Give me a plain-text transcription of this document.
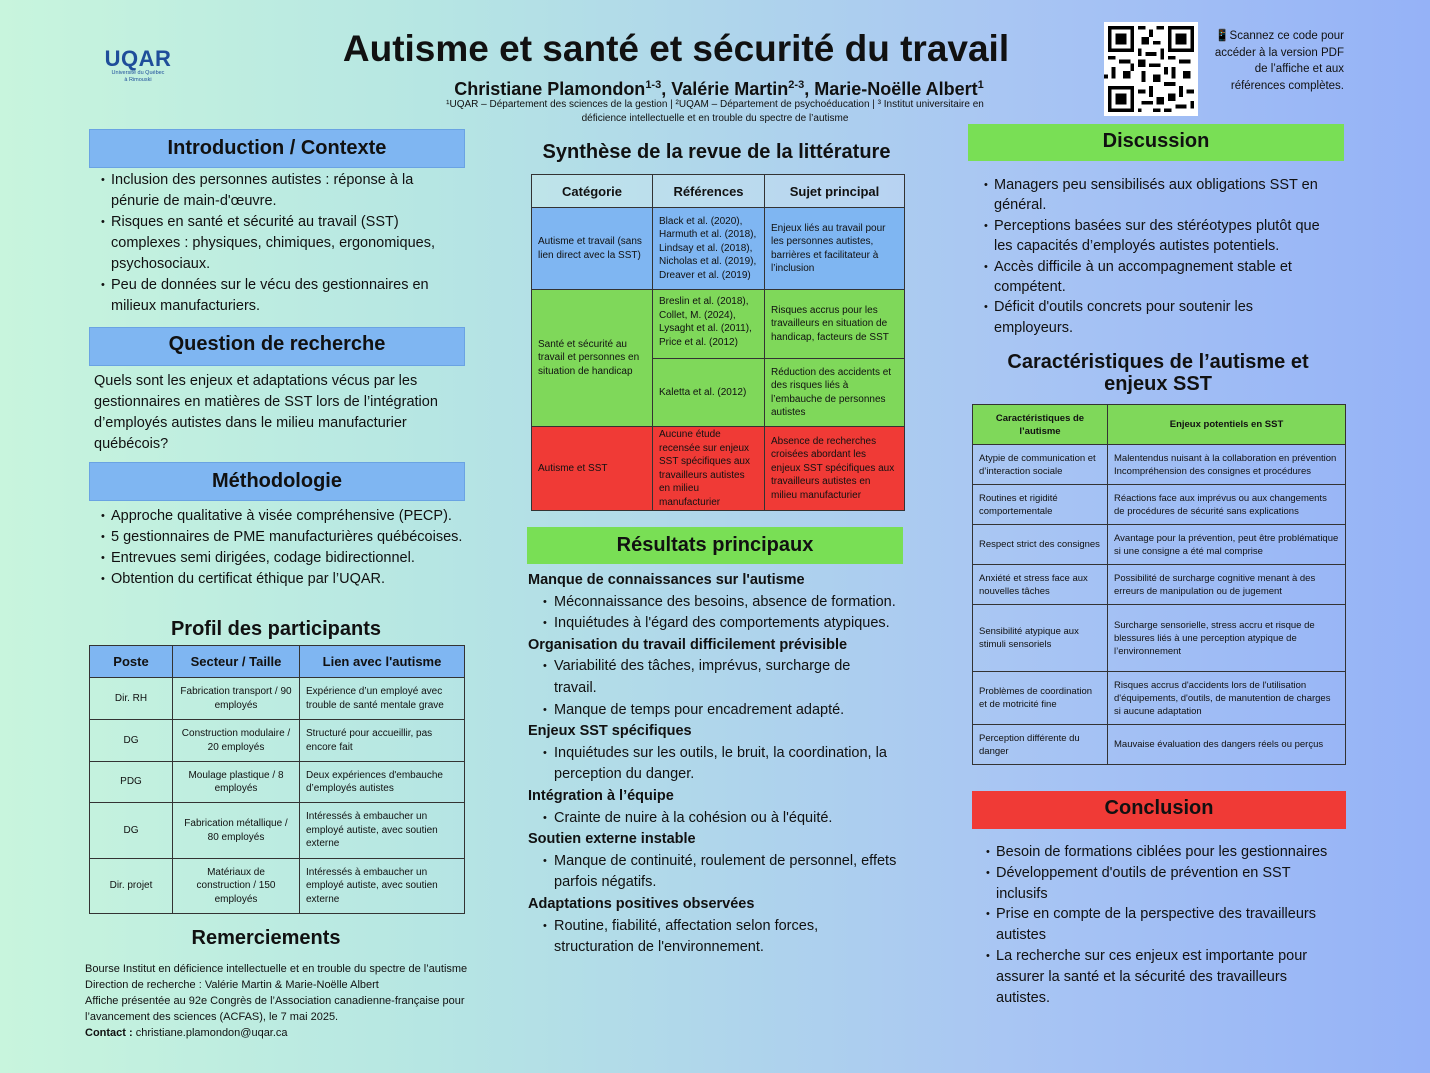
UQAR
Université du Québec
à Rimouski
Autisme et santé et sécurité du travail
Christiane Plamondon$^{1-3}$, Valérie Martin$^{2-3}$, Marie-Noëlle Albert$^1$
¹UQAR – Département des sciences de la gestion | ²UQAM – Département de psychoéducation | ³ Institut universitaire en déficience intellectuelle et en trouble du spectre de l’autisme
📱Scannez ce code pour accéder à la version PDF de l’affiche et aux références complètes.
Introduction / Contexte
• Inclusion des personnes autistes : réponse à la pénurie de main-d'œuvre.
• Risques en santé et sécurité au travail (SST) complexes : physiques, chimiques, ergonomiques, psychosociaux.
• Peu de données sur le vécu des gestionnaires en milieux manufacturiers.
Question de recherche
Quels sont les enjeux et adaptations vécus par les gestionnaires en matières de SST lors de l’intégration d’employés autistes dans le milieu manufacturier québécois?
Méthodologie
• Approche qualitative à visée compréhensive (PECP).
• 5 gestionnaires de PME manufacturières québécoises.
• Entrevues semi dirigées, codage bidirectionnel.
• Obtention du certificat éthique par l’UQAR.
Profil des participants
Poste	Secteur / Taille	Lien avec l'autisme
Dir. RH	Fabrication transport / 90 employés	Expérience d’un employé avec trouble de santé mentale grave
DG	Construction modulaire / 20 employés	Structuré pour accueillir, pas encore fait
PDG	Moulage plastique / 8 employés	Deux expériences d'embauche d’employés autistes
DG	Fabrication métallique / 80 employés	Intéressés à embaucher un employé autiste, avec soutien externe
Dir. projet	Matériaux de construction / 150 employés	Intéressés à embaucher un employé autiste, avec soutien externe
Remerciements
Bourse Institut en déficience intellectuelle et en trouble du spectre de l’autisme
Direction de recherche : Valérie Martin & Marie-Noëlle Albert
Affiche présentée au 92e Congrès de l’Association canadienne-française pour l’avancement des sciences (ACFAS), le 7 mai 2025.
Contact : christiane.plamondon@uqar.ca
Synthèse de la revue de la littérature
Catégorie	Références	Sujet principal
Autisme et travail (sans lien direct avec la SST)	Black et al. (2020), Harmuth et al. (2018), Lindsay et al. (2018), Nicholas et al. (2019), Dreaver et al. (2019)	Enjeux liés au travail pour les personnes autistes, barrières et facilitateur à l’inclusion
Santé et sécurité au travail et personnes en situation de handicap	Breslin et al. (2018), Collet, M. (2024), Lysaght et al. (2011), Price et al. (2012)	Risques accrus pour les travailleurs en situation de handicap, facteurs de SST
	Kaletta et al. (2012)	Réduction des accidents et des risques liés à l’embauche de personnes autistes
Autisme et SST	Aucune étude recensée sur enjeux SST spécifiques aux travailleurs autistes en milieu manufacturier	Absence de recherches croisées abordant les enjeux SST spécifiques aux travailleurs autistes en milieu manufacturier
Résultats principaux
Manque de connaissances sur l'autisme
• Méconnaissance des besoins, absence de formation.
• Inquiétudes à l'égard des comportements atypiques.
Organisation du travail difficilement prévisible
• Variabilité des tâches, imprévus, surcharge de travail.
• Manque de temps pour encadrement adapté.
Enjeux SST spécifiques
• Inquiétudes sur les outils, le bruit, la coordination, la perception du danger.
Intégration à l’équipe
• Crainte de nuire à la cohésion ou à l'équité.
Soutien externe instable
• Manque de continuité, roulement de personnel, effets parfois négatifs.
Adaptations positives observées
• Routine, fiabilité, affectation selon forces, structuration de l'environnement.
Discussion
• Managers peu sensibilisés aux obligations SST en général.
• Perceptions basées sur des stéréotypes plutôt que les capacités d’employés autistes potentiels.
• Accès difficile à un accompagnement stable et compétent.
• Déficit d'outils concrets pour soutenir les employeurs.
Caractéristiques de l’autisme et enjeux SST
Caractéristiques de l’autisme	Enjeux potentiels en SST
Atypie de communication et d’interaction sociale	Malentendus nuisant à la collaboration en prévention Incompréhension des consignes et procédures
Routines et rigidité comportementale	Réactions face aux imprévus ou aux changements de procédures de sécurité sans explications
Respect strict des consignes	Avantage pour la prévention, peut être problématique si une consigne a été mal comprise
Anxiété et stress face aux nouvelles tâches	Possibilité de surcharge cognitive menant à des erreurs de manipulation ou de jugement
Sensibilité atypique aux stimuli sensoriels	Surcharge sensorielle, stress accru et risque de blessures liés à une perception atypique de l’environnement
Problèmes de coordination et de motricité fine	Risques accrus d'accidents lors de l'utilisation d'équipements, d'outils, de manutention de charges si aucune adaptation
Perception différente du danger	Mauvaise évaluation des dangers réels ou perçus
Conclusion
• Besoin de formations ciblées pour les gestionnaires
• Développement d'outils de prévention en SST inclusifs
• Prise en compte de la perspective des travailleurs autistes
• La recherche sur ces enjeux est importante pour assurer la santé et la sécurité des travailleurs autistes.
